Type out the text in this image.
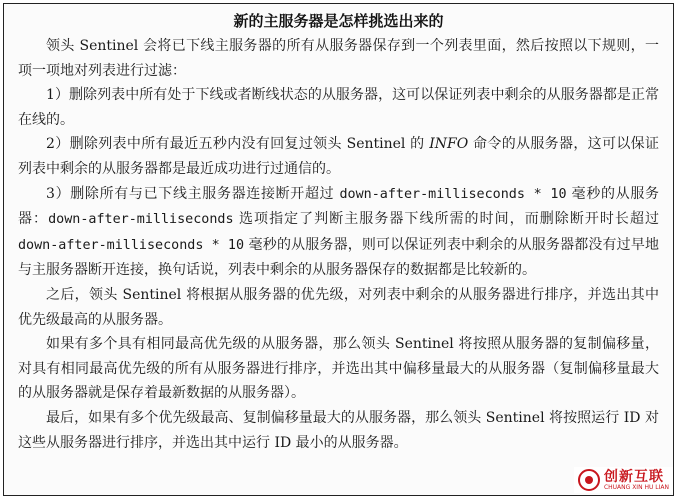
新的主服务器是怎样挑选出来的

领头 Sentinel 会将已下线主服务器的所有从服务器保存到一个列表里面，然后按照以下规则，一项一项地对列表进行过滤：

1）删除列表中所有处于下线或者断线状态的从服务器，这可以保证列表中剩余的从服务器都是正常在线的。

2）删除列表中所有最近五秒内没有回复过领头 Sentinel 的 INFO 命令的从服务器，这可以保证列表中剩余的从服务器都是最近成功进行过通信的。

3）删除所有与已下线主服务器连接断开超过 down-after-milliseconds * 10 毫秒的从服务器：down-after-milliseconds 选项指定了判断主服务器下线所需的时间，而删除断开时长超过 down-after-milliseconds * 10 毫秒的从服务器，则可以保证列表中剩余的从服务器都没有过早地与主服务器断开连接，换句话说，列表中剩余的从服务器保存的数据都是比较新的。

之后，领头 Sentinel 将根据从服务器的优先级，对列表中剩余的从服务器进行排序，并选出其中优先级最高的从服务器。

如果有多个具有相同最高优先级的从服务器，那么领头 Sentinel 将按照从服务器的复制偏移量，对具有相同最高优先级的所有从服务器进行排序，并选出其中偏移量最大的从服务器（复制偏移量最大的从服务器就是保存着最新数据的从服务器）。

最后，如果有多个优先级最高、复制偏移量最大的从服务器，那么领头 Sentinel 将按照运行 ID 对这些从服务器进行排序，并选出其中运行 ID 最小的从服务器。

创新互联
CHUANG XIN HU LIAN
